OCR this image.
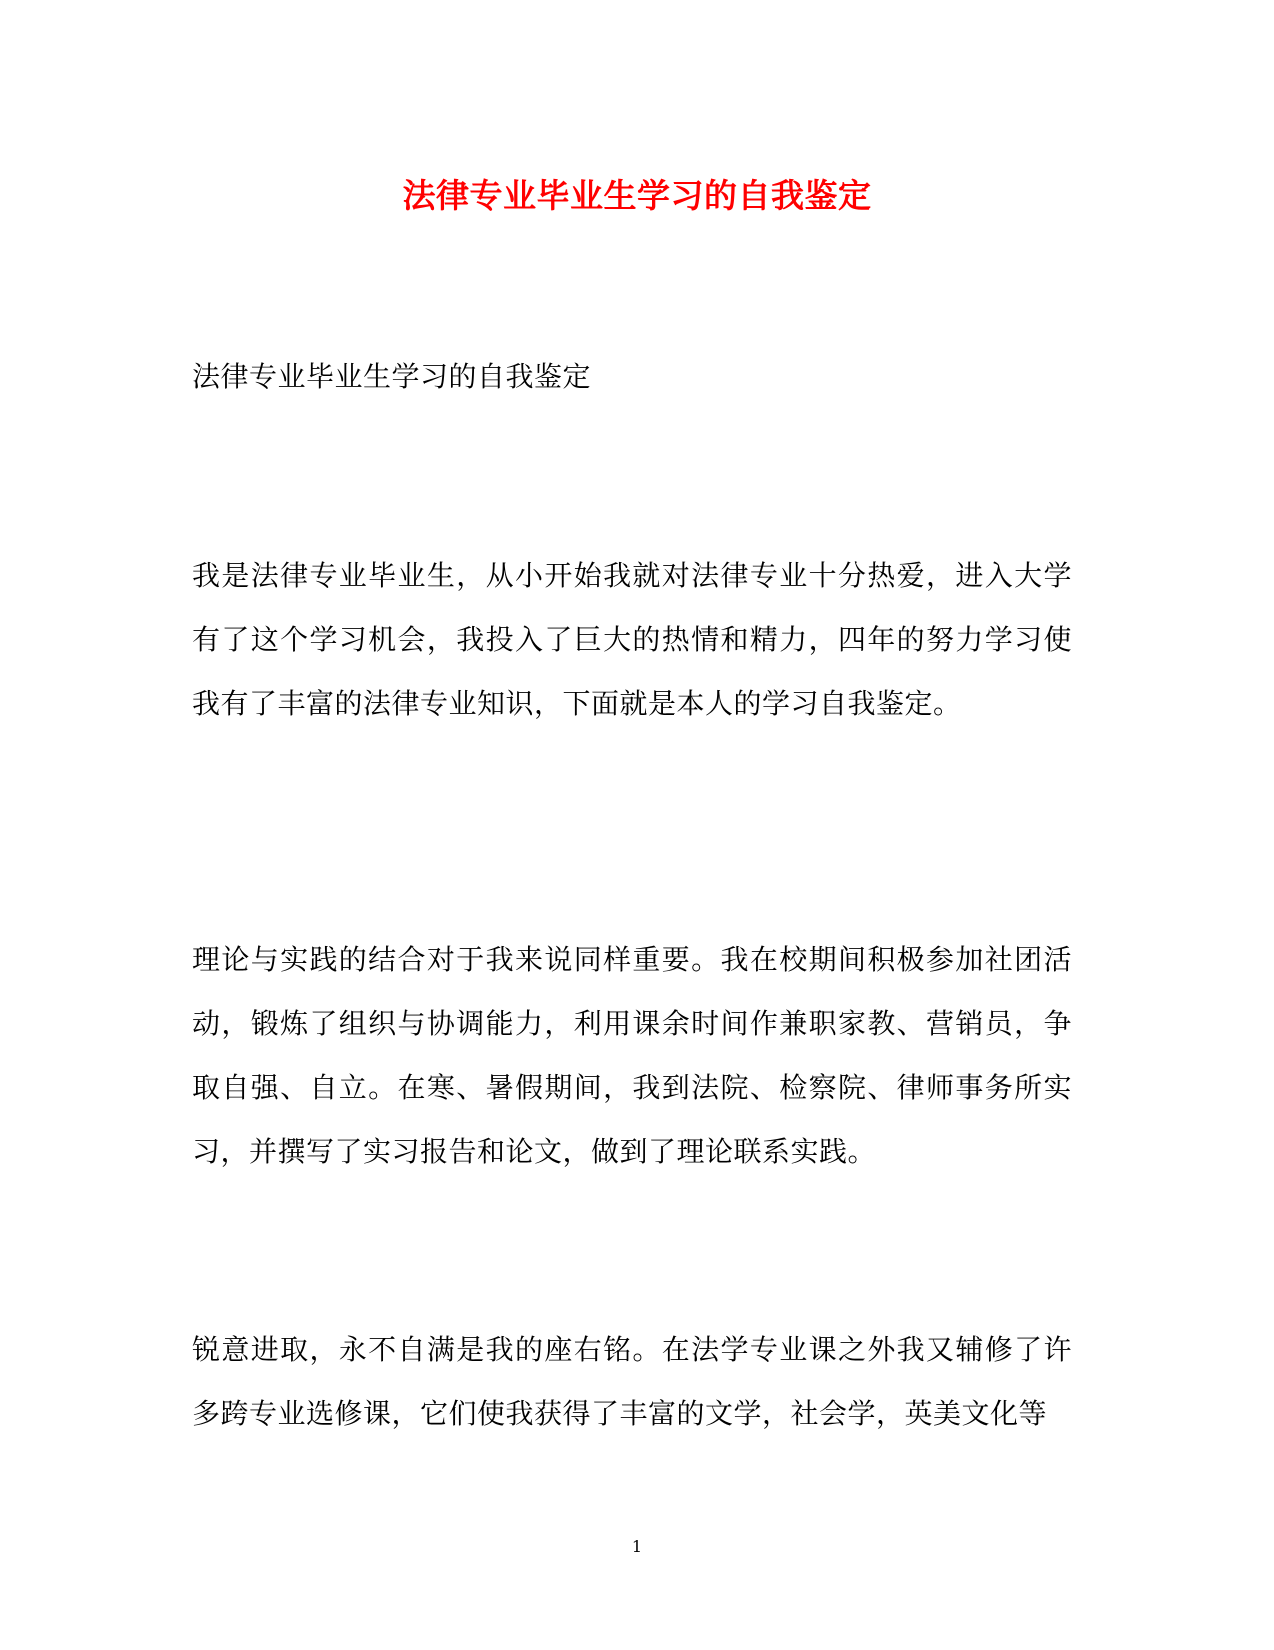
法律专业毕业生学习的自我鉴定

法律专业毕业生学习的自我鉴定

我是法律专业毕业生，从小开始我就对法律专业十分热爱，进入大学有了这个学习机会，我投入了巨大的热情和精力，四年的努力学习使我有了丰富的法律专业知识，下面就是本人的学习自我鉴定。

理论与实践的结合对于我来说同样重要。我在校期间积极参加社团活动，锻炼了组织与协调能力，利用课余时间作兼职家教、营销员，争取自强、自立。在寒、暑假期间，我到法院、检察院、律师事务所实习，并撰写了实习报告和论文，做到了理论联系实践。

锐意进取，永不自满是我的座右铭。在法学专业课之外我又辅修了许多跨专业选修课，它们使我获得了丰富的文学，社会学，英美文化等

1
